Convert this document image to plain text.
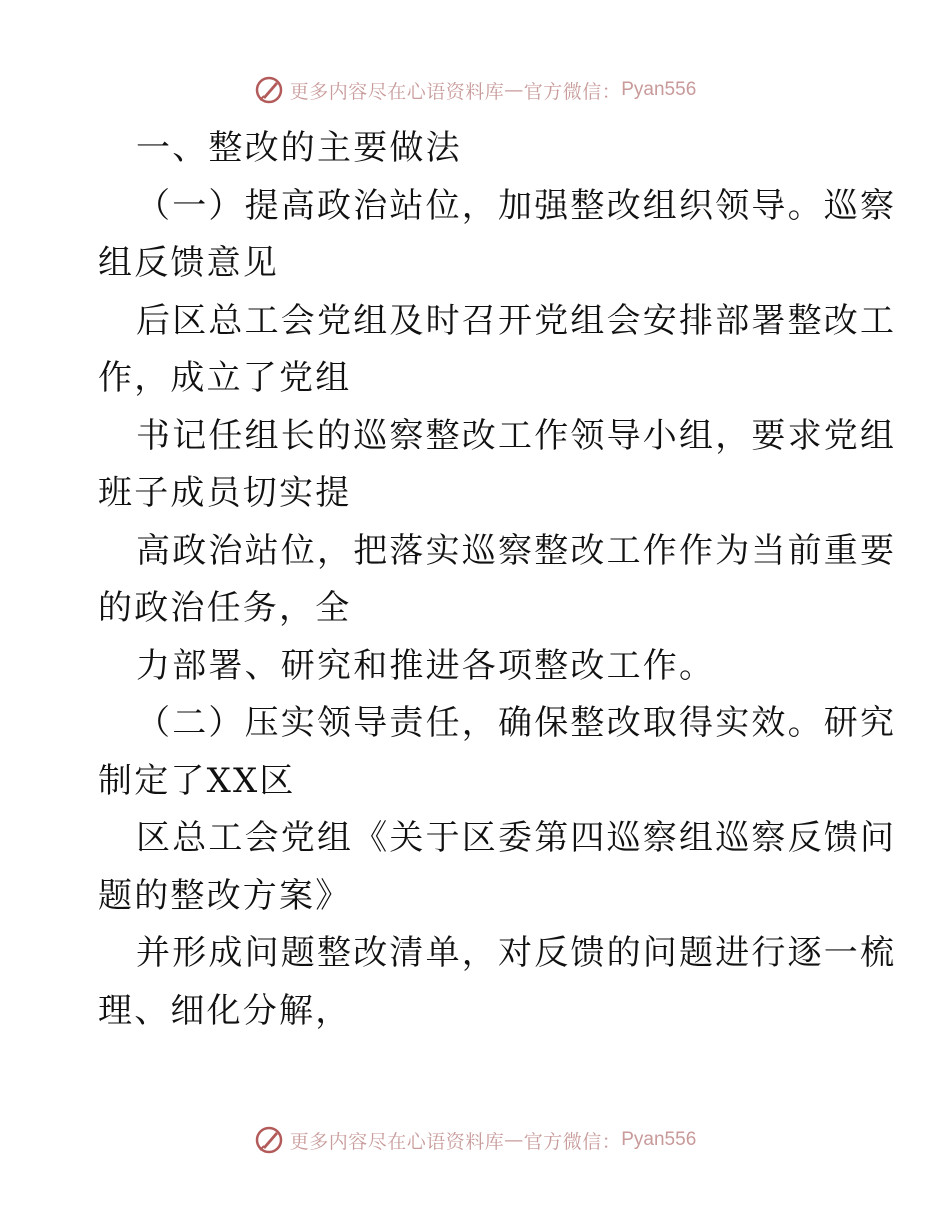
更多内容尽在心语资料库 — 官方微信： Pyan556

一、整改的主要做法

（一）提高政治站位，加强整改组织领导。巡察

组反馈意见

后区总工会党组及时召开党组会安排部署整改工

作，成立了党组

书记任组长的巡察整改工作领导小组，要求党组

班子成员切实提

高政治站位，把落实巡察整改工作作为当前重要

的政治任务，全

力部署、研究和推进各项整改工作。

（二）压实领导责任，确保整改取得实效。研究

制定了XX区

区总工会党组《关于区委第四巡察组巡察反馈问

题的整改方案》

并形成问题整改清单，对反馈的问题进行逐一梳

理、细化分解，

更多内容尽在心语资料库 — 官方微信： Pyan556
